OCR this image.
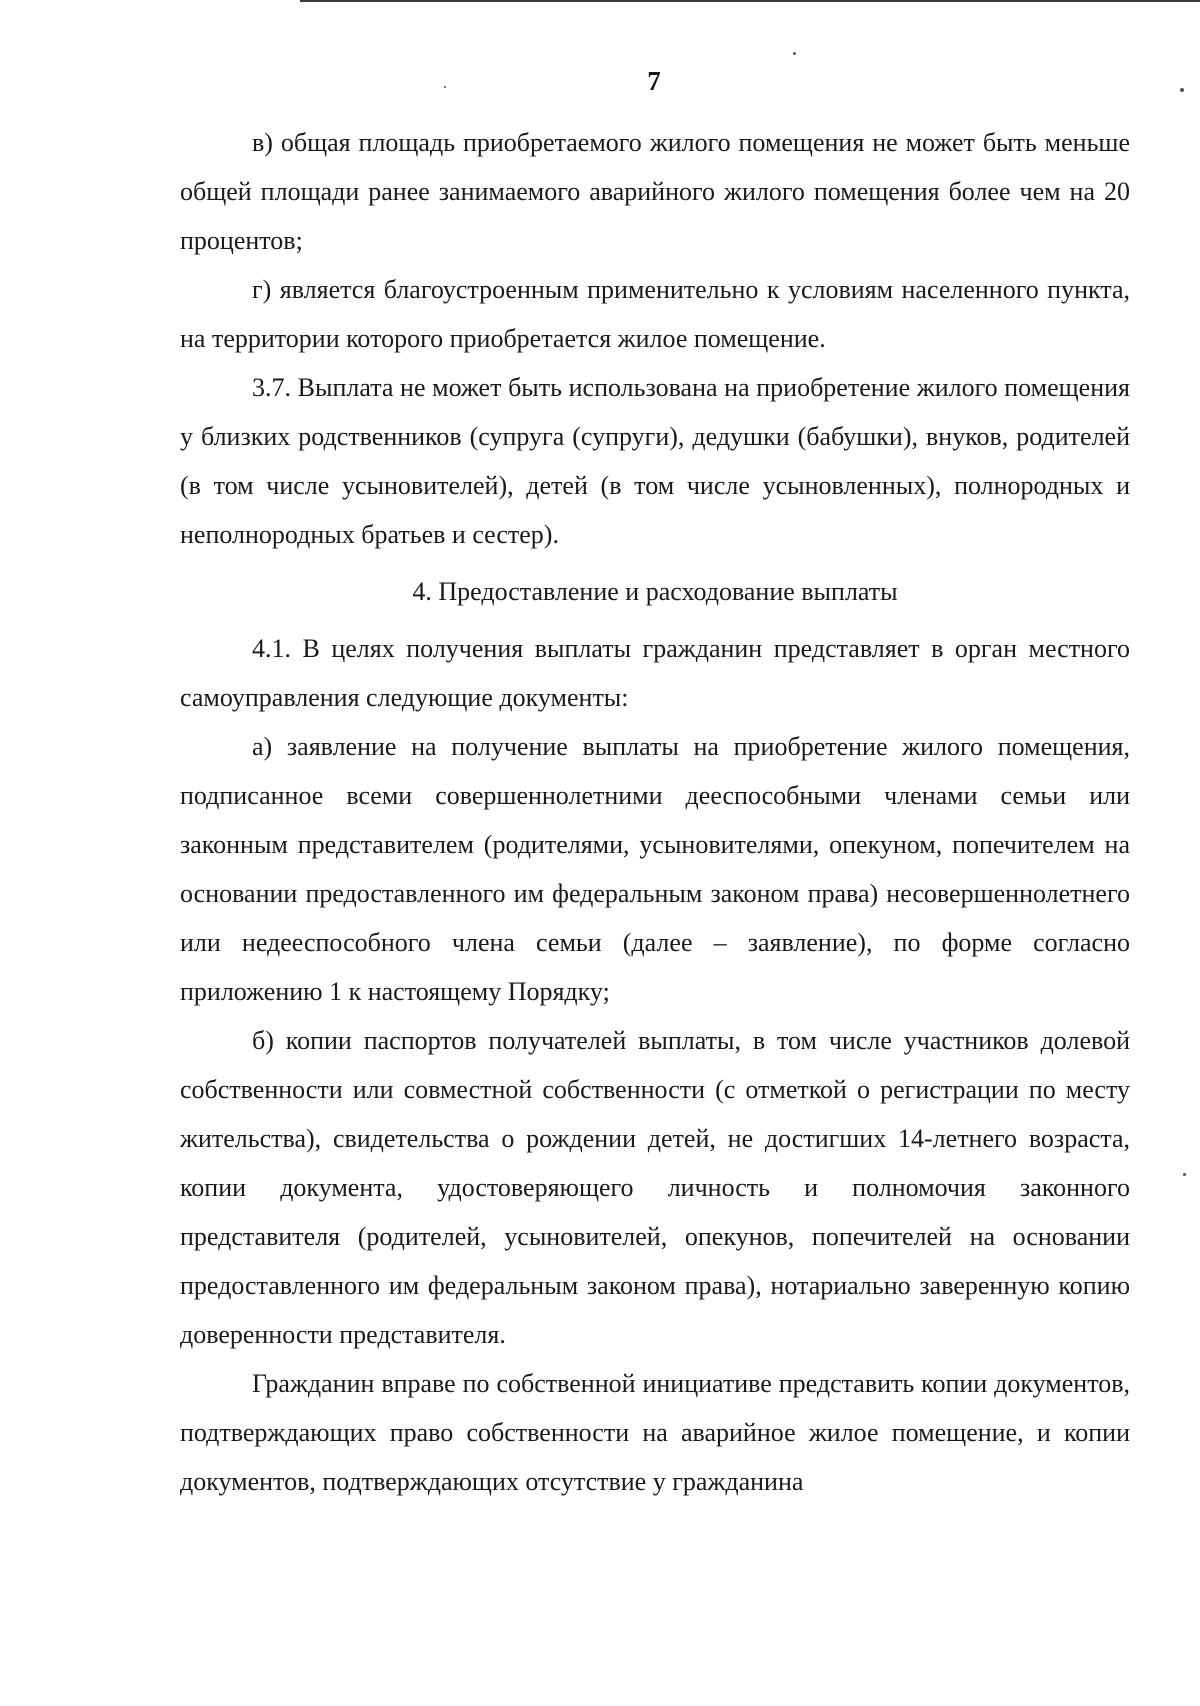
7

в) общая площадь приобретаемого жилого помещения не может быть меньше общей площади ранее занимаемого аварийного жилого помещения более чем на 20 процентов;

г) является благоустроенным применительно к условиям населенного пункта, на территории которого приобретается жилое помещение.

3.7. Выплата не может быть использована на приобретение жилого помещения у близких родственников (супруга (супруги), дедушки (бабушки), внуков, родителей (в том числе усыновителей), детей (в том числе усыновленных), полнородных и неполнородных братьев и сестер).

4. Предоставление и расходование выплаты

4.1. В целях получения выплаты гражданин представляет в орган местного самоуправления следующие документы:

а) заявление на получение выплаты на приобретение жилого помещения, подписанное всеми совершеннолетними дееспособными членами семьи или законным представителем (родителями, усыновителями, опекуном, попечителем на основании предоставленного им федеральным законом права) несовершеннолетнего или недееспособного члена семьи (далее – заявление), по форме согласно приложению 1 к настоящему Порядку;

б) копии паспортов получателей выплаты, в том числе участников долевой собственности или совместной собственности (с отметкой о регистрации по месту жительства), свидетельства о рождении детей, не достигших 14-летнего возраста, копии документа, удостоверяющего личность и полномочия законного представителя (родителей, усыновителей, опекунов, попечителей на основании предоставленного им федеральным законом права), нотариально заверенную копию доверенности представителя.

Гражданин вправе по собственной инициативе представить копии документов, подтверждающих право собственности на аварийное жилое помещение, и копии документов, подтверждающих отсутствие у гражданина
